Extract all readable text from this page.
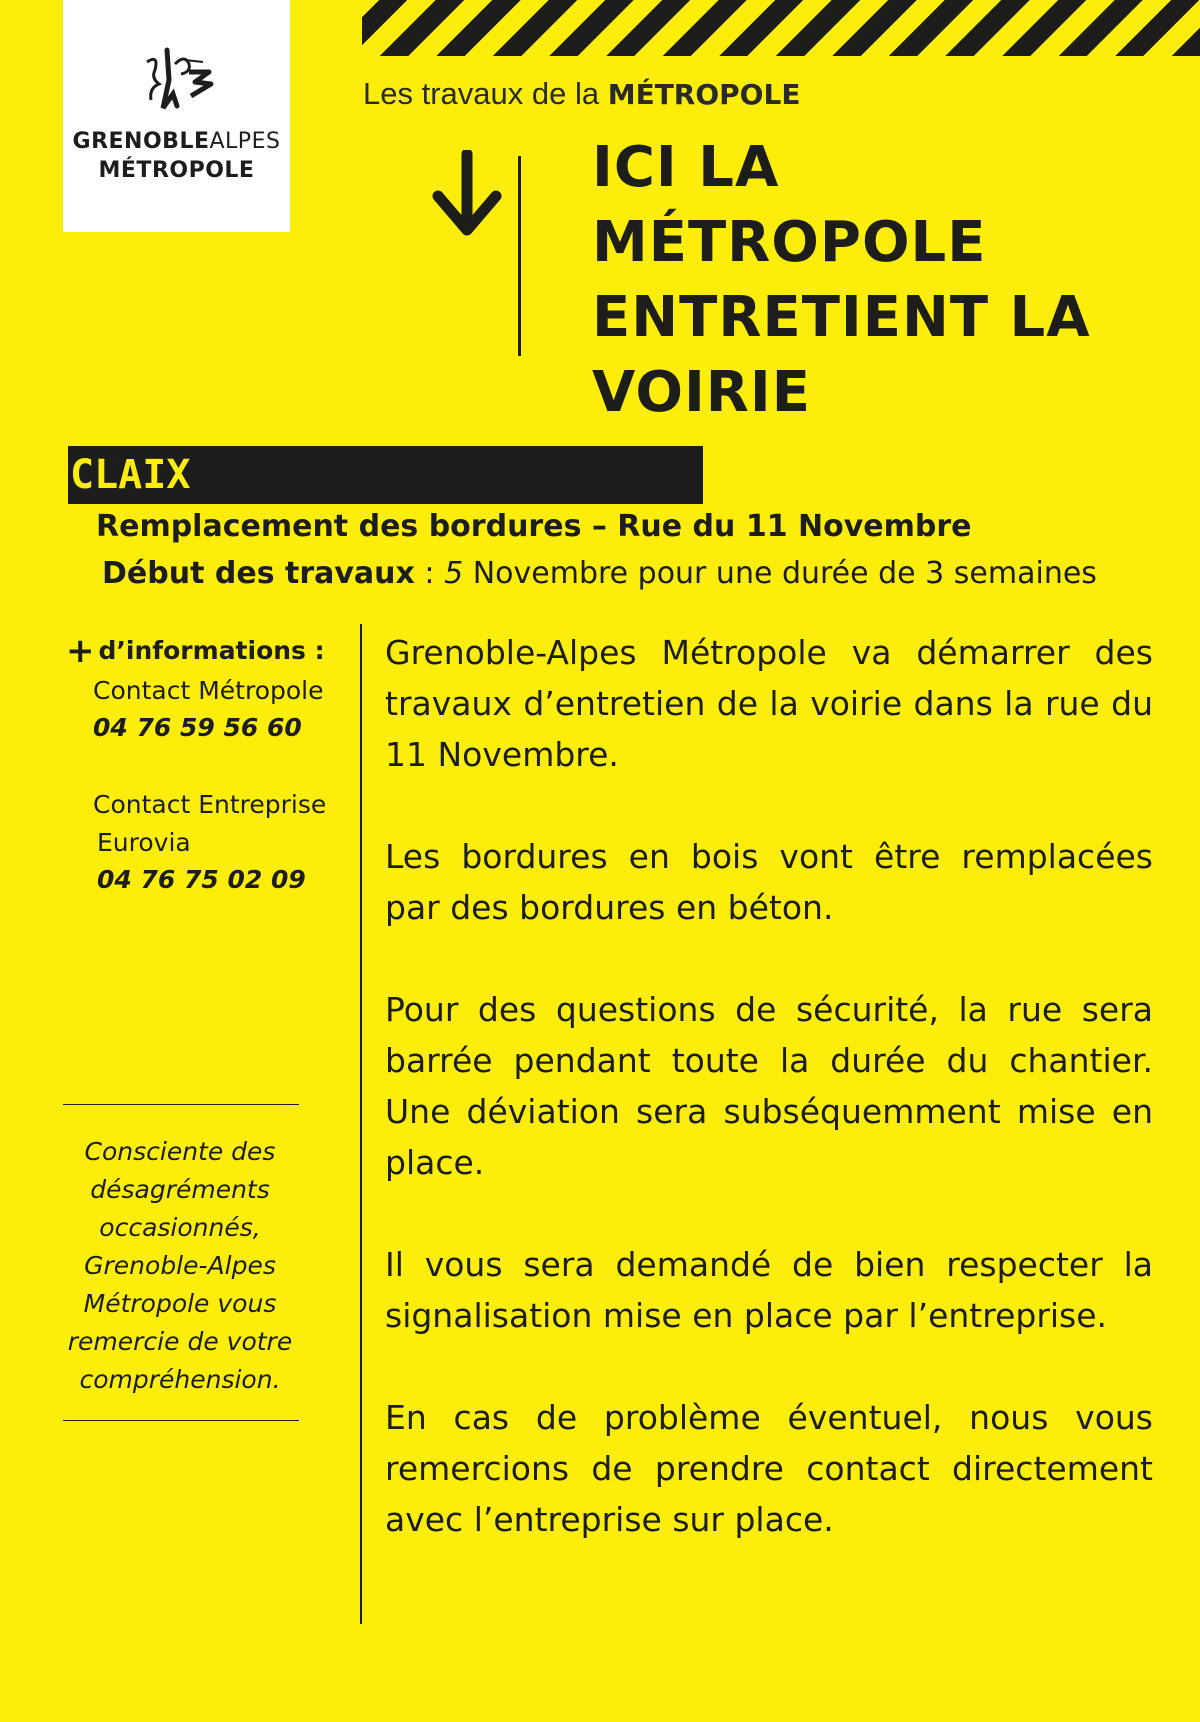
GRENOBLEALPES
MÉTROPOLE
Les travaux de la MÉTROPOLE
ICI LA
MÉTROPOLE
ENTRETIENT LA
VOIRIE
CLAIX
Remplacement des bordures – Rue du 11 Novembre
Début des travaux : 5 Novembre pour une durée de 3 semaines
+ d’informations :
Contact Métropole
04 76 59 56 60
Contact Entreprise
Eurovia
04 76 75 02 09
Consciente des
désagréments
occasionnés,
Grenoble-Alpes
Métropole vous
remercie de votre
compréhension.

Grenoble-Alpes Métropole va démarrer des travaux d’entretien de la voirie dans la rue du 11 Novembre.

Les bordures en bois vont être remplacées par des bordures en béton.

Pour des questions de sécurité, la rue sera barrée pendant toute la durée du chantier. Une déviation sera subséquemment mise en place.

Il vous sera demandé de bien respecter la signalisation mise en place par l’entreprise.

En cas de problème éventuel, nous vous remercions de prendre contact directement avec l’entreprise sur place.
